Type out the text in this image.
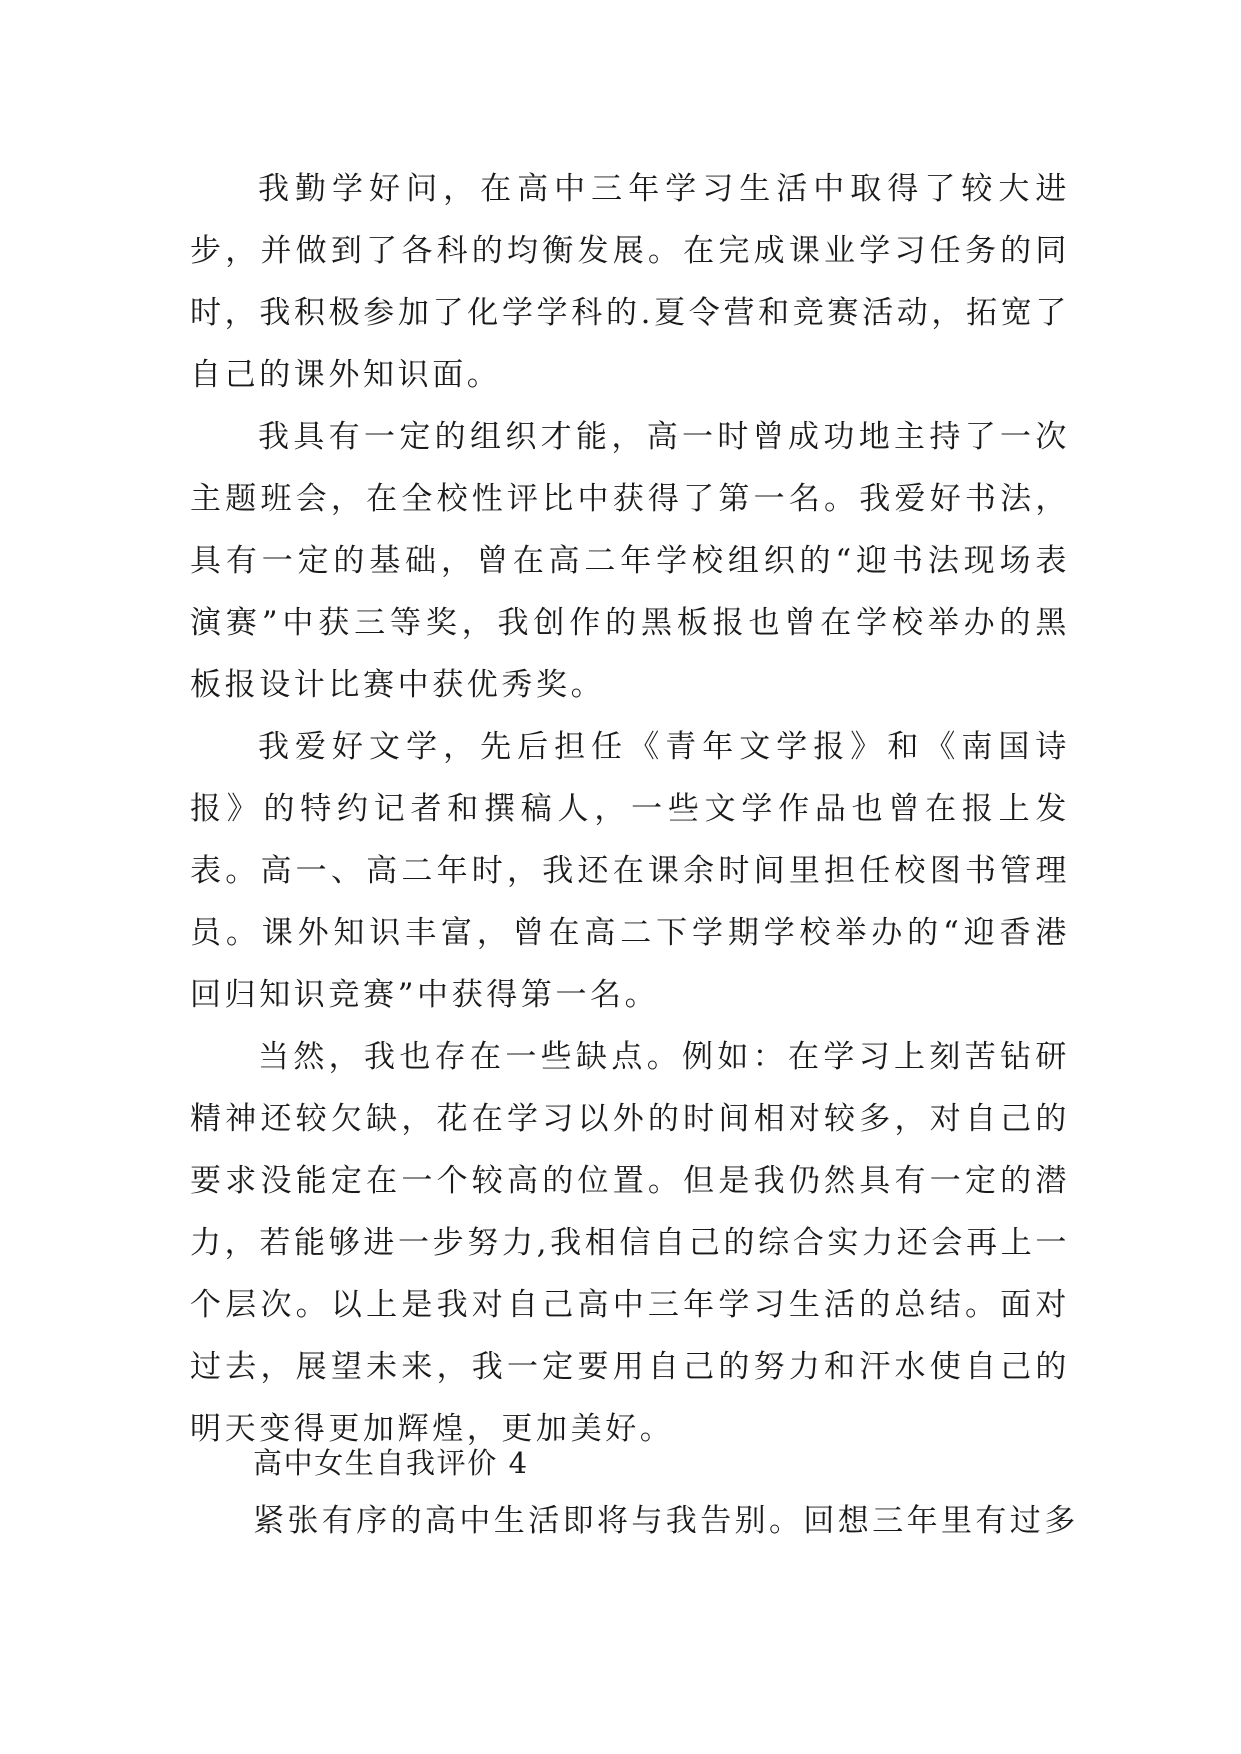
我勤学好问，在高中三年学习生活中取得了较大进步，并做到了各科的均衡发展。在完成课业学习任务的同时，我积极参加了化学学科的.夏令营和竞赛活动，拓宽了自己的课外知识面。

我具有一定的组织才能，高一时曾成功地主持了一次主题班会，在全校性评比中获得了第一名。我爱好书法，具有一定的基础，曾在高二年学校组织的“迎书法现场表演赛”中获三等奖，我创作的黑板报也曾在学校举办的黑板报设计比赛中获优秀奖。

我爱好文学，先后担任《青年文学报》和《南国诗报》的特约记者和撰稿人，一些文学作品也曾在报上发表。高一、高二年时，我还在课余时间里担任校图书管理员。课外知识丰富，曾在高二下学期学校举办的“迎香港回归知识竞赛”中获得第一名。

当然，我也存在一些缺点。例如：在学习上刻苦钻研精神还较欠缺，花在学习以外的时间相对较多，对自己的要求没能定在一个较高的位置。但是我仍然具有一定的潜力，若能够进一步努力,我相信自己的综合实力还会再上一个层次。以上是我对自己高中三年学习生活的总结。面对过去，展望未来，我一定要用自己的努力和汗水使自己的明天变得更加辉煌，更加美好。

高中女生自我评价 4

紧张有序的高中生活即将与我告别。回想三年里有过多
